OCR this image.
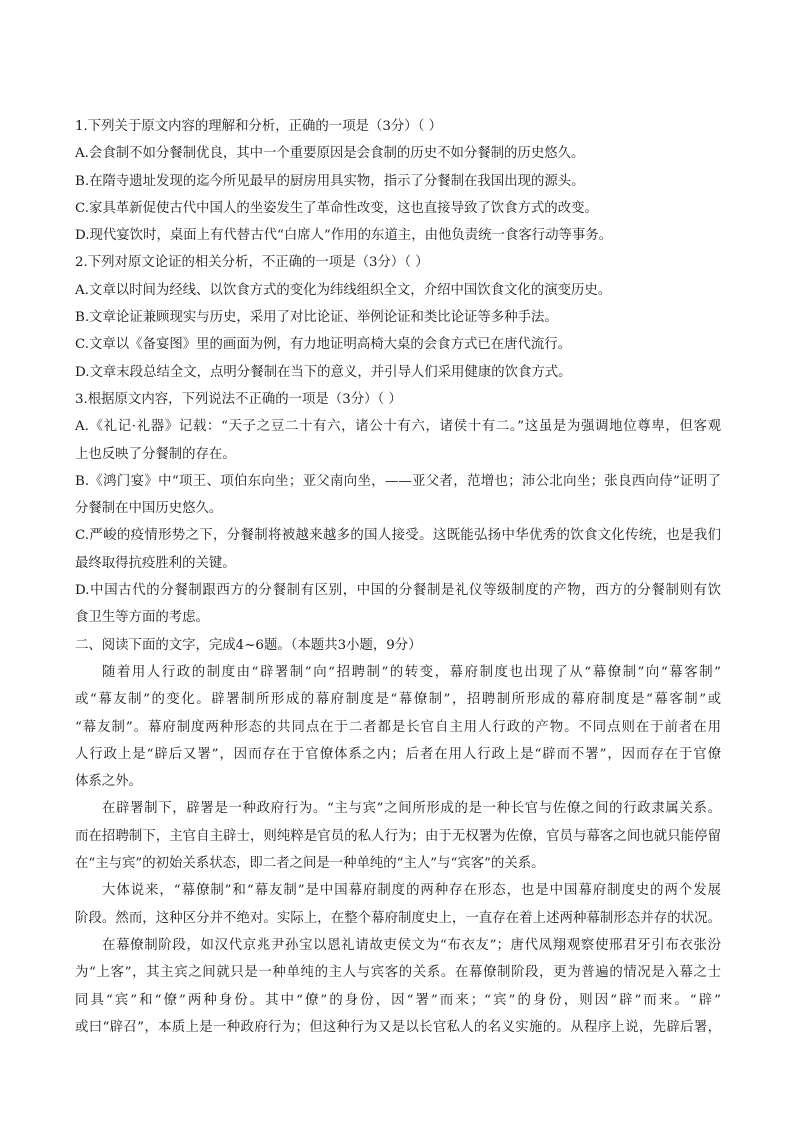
1.下列关于原文内容的理解和分析，正确的一项是（3分）（ ）
A.会食制不如分餐制优良，其中一个重要原因是会食制的历史不如分餐制的历史悠久。
B.在隋寺遗址发现的迄今所见最早的厨房用具实物，指示了分餐制在我国出现的源头。
C.家具革新促使古代中国人的坐姿发生了革命性改变，这也直接导致了饮食方式的改变。
D.现代宴饮时，桌面上有代替古代“白席人”作用的东道主，由他负责统一食客行动等事务。
2.下列对原文论证的相关分析，不正确的一项是（3分）（ ）
A.文章以时间为经线、以饮食方式的变化为纬线组织全文，介绍中国饮食文化的演变历史。
B.文章论证兼顾现实与历史，采用了对比论证、举例论证和类比论证等多种手法。
C.文章以《备宴图》里的画面为例，有力地证明高椅大桌的会食方式已在唐代流行。
D.文章末段总结全文，点明分餐制在当下的意义，并引导人们采用健康的饮食方式。
3.根据原文内容，下列说法不正确的一项是（3分）（ ）
A.《礼记·礼器》记载：“天子之豆二十有六，诸公十有六，诸侯十有二。”这虽是为强调地位尊卑，但客观
上也反映了分餐制的存在。
B.《鸿门宴》中“项王、项伯东向坐；亚父南向坐，——亚父者，范增也；沛公北向坐；张良西向侍”证明了
分餐制在中国历史悠久。
C.严峻的疫情形势之下，分餐制将被越来越多的国人接受。这既能弘扬中华优秀的饮食文化传统，也是我们
最终取得抗疫胜利的关键。
D.中国古代的分餐制跟西方的分餐制有区别，中国的分餐制是礼仪等级制度的产物，西方的分餐制则有饮
食卫生等方面的考虑。
二、阅读下面的文字，完成4~6题。（本题共3小题，9分）
随着用人行政的制度由“辟署制”向“招聘制”的转变，幕府制度也出现了从“幕僚制”向“幕客制”
或“幕友制”的变化。辟署制所形成的幕府制度是“幕僚制”，招聘制所形成的幕府制度是“幕客制”或
“幕友制”。幕府制度两种形态的共同点在于二者都是长官自主用人行政的产物。不同点则在于前者在用
人行政上是“辟后又署”，因而存在于官僚体系之内；后者在用人行政上是“辟而不署”，因而存在于官僚
体系之外。
在辟署制下，辟署是一种政府行为。“主与宾”之间所形成的是一种长官与佐僚之间的行政隶属关系。
而在招聘制下，主官自主辟士，则纯粹是官员的私人行为；由于无权署为佐僚，官员与幕客之间也就只能停留
在“主与宾”的初始关系状态，即二者之间是一种单纯的“主人”与“宾客”的关系。
大体说来，“幕僚制”和“幕友制”是中国幕府制度的两种存在形态，也是中国幕府制度史的两个发展
阶段。然而，这种区分并不绝对。实际上，在整个幕府制度史上，一直存在着上述两种幕制形态并存的状况。
在幕僚制阶段，如汉代京兆尹孙宝以恩礼请故吏侯文为“布衣友”；唐代凤翔观察使邢君牙引布衣张汾
为“上客”，其主宾之间就只是一种单纯的主人与宾客的关系。在幕僚制阶段，更为普遍的情况是入幕之士
同具“宾”和“僚”两种身份。其中“僚”的身份，因“署”而来；“宾”的身份，则因“辟”而来。“辟”
或曰“辟召”，本质上是一种政府行为；但这种行为又是以长官私人的名义实施的。从程序上说，先辟后署，
